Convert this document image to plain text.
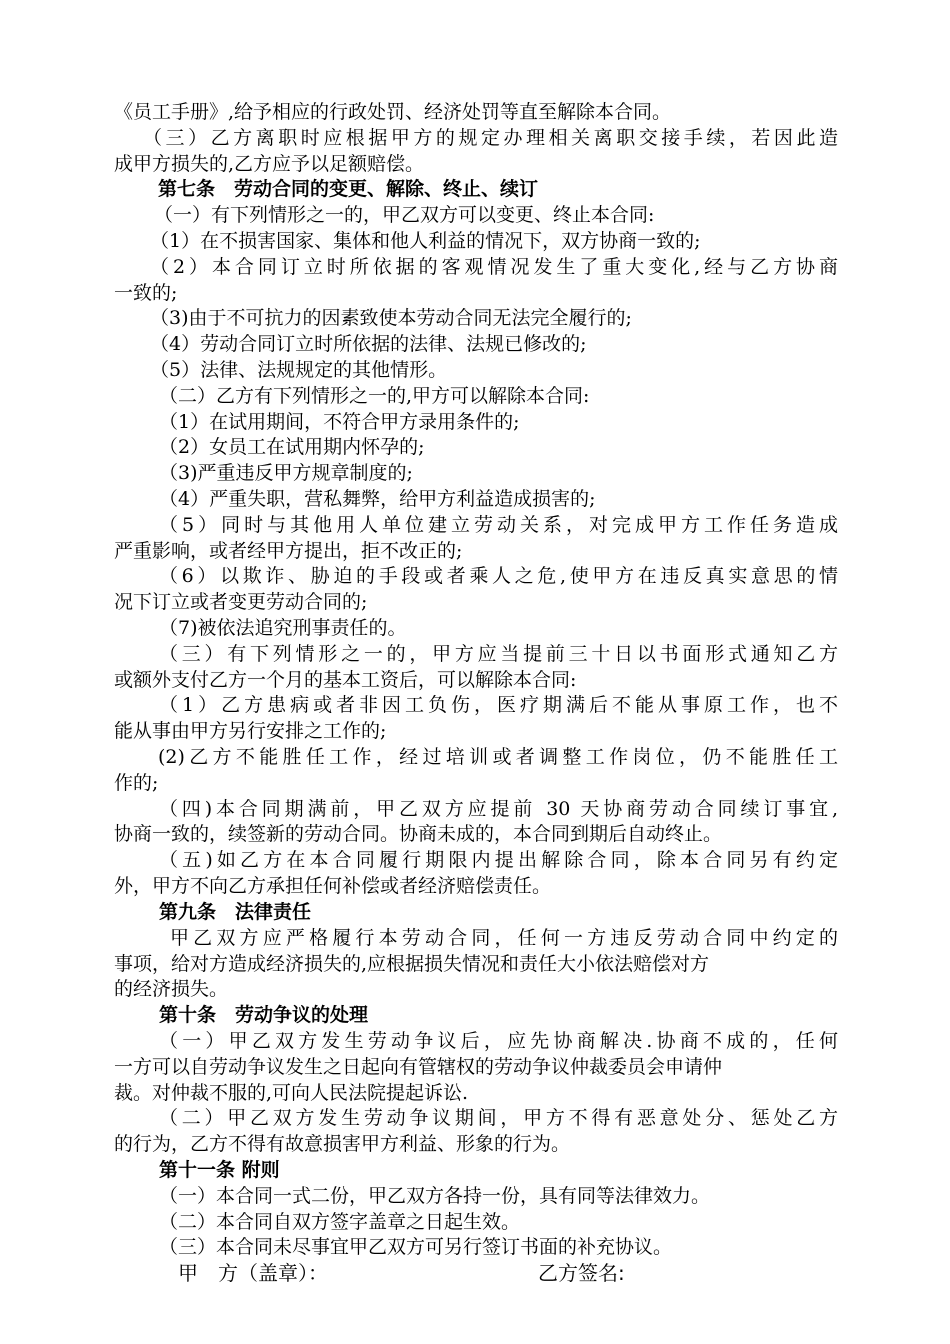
《员工手册》,给予相应的行政处罚、经济处罚等直至解除本合同。
（三）乙方离职时应根据甲方的规定办理相关离职交接手续，若因此造
成甲方损失的,乙方应予以足额赔偿。
第七条　劳动合同的变更、解除、终止、续订
（一）有下列情形之一的，甲乙双方可以变更、终止本合同:
（1）在不损害国家、集体和他人利益的情况下，双方协商一致的;
（2）本合同订立时所依据的客观情况发生了重大变化,经与乙方协商
一致的;
（3)由于不可抗力的因素致使本劳动合同无法完全履行的;
（4）劳动合同订立时所依据的法律、法规已修改的;
（5）法律、法规规定的其他情形。
（二）乙方有下列情形之一的,甲方可以解除本合同:
（1）在试用期间，不符合甲方录用条件的;
（2）女员工在试用期内怀孕的;
（3)严重违反甲方规章制度的;
（4）严重失职，营私舞弊，给甲方利益造成损害的;
（5）同时与其他用人单位建立劳动关系，对完成甲方工作任务造成
严重影响，或者经甲方提出，拒不改正的;
（6）以欺诈、胁迫的手段或者乘人之危,使甲方在违反真实意思的情
况下订立或者变更劳动合同的;
（7)被依法追究刑事责任的。
（三）有下列情形之一的，甲方应当提前三十日以书面形式通知乙方
或额外支付乙方一个月的基本工资后，可以解除本合同:
（1）乙方患病或者非因工负伤，医疗期满后不能从事原工作，也不
能从事由甲方另行安排之工作的;
(2)乙方不能胜任工作，经过培训或者调整工作岗位，仍不能胜任工
作的;
（四)本合同期满前，甲乙双方应提前 30 天协商劳动合同续订事宜,
协商一致的，续签新的劳动合同。协商未成的，本合同到期后自动终止。
（五)如乙方在本合同履行期限内提出解除合同，除本合同另有约定
外，甲方不向乙方承担任何补偿或者经济赔偿责任。
第九条　法律责任
甲乙双方应严格履行本劳动合同，任何一方违反劳动合同中约定的
事项，给对方造成经济损失的,应根据损失情况和责任大小依法赔偿对方
的经济损失。
第十条　劳动争议的处理
（一）甲乙双方发生劳动争议后，应先协商解决.协商不成的，任何
一方可以自劳动争议发生之日起向有管辖权的劳动争议仲裁委员会申请仲
裁。对仲裁不服的,可向人民法院提起诉讼.
（二）甲乙双方发生劳动争议期间，甲方不得有恶意处分、惩处乙方
的行为，乙方不得有故意损害甲方利益、形象的行为。
第十一条 附则
（一）本合同一式二份，甲乙双方各持一份，具有同等法律效力。
（二）本合同自双方签字盖章之日起生效。
（三）本合同未尽事宜甲乙双方可另行签订书面的补充协议。
甲　方（盖章）：	乙方签名:
